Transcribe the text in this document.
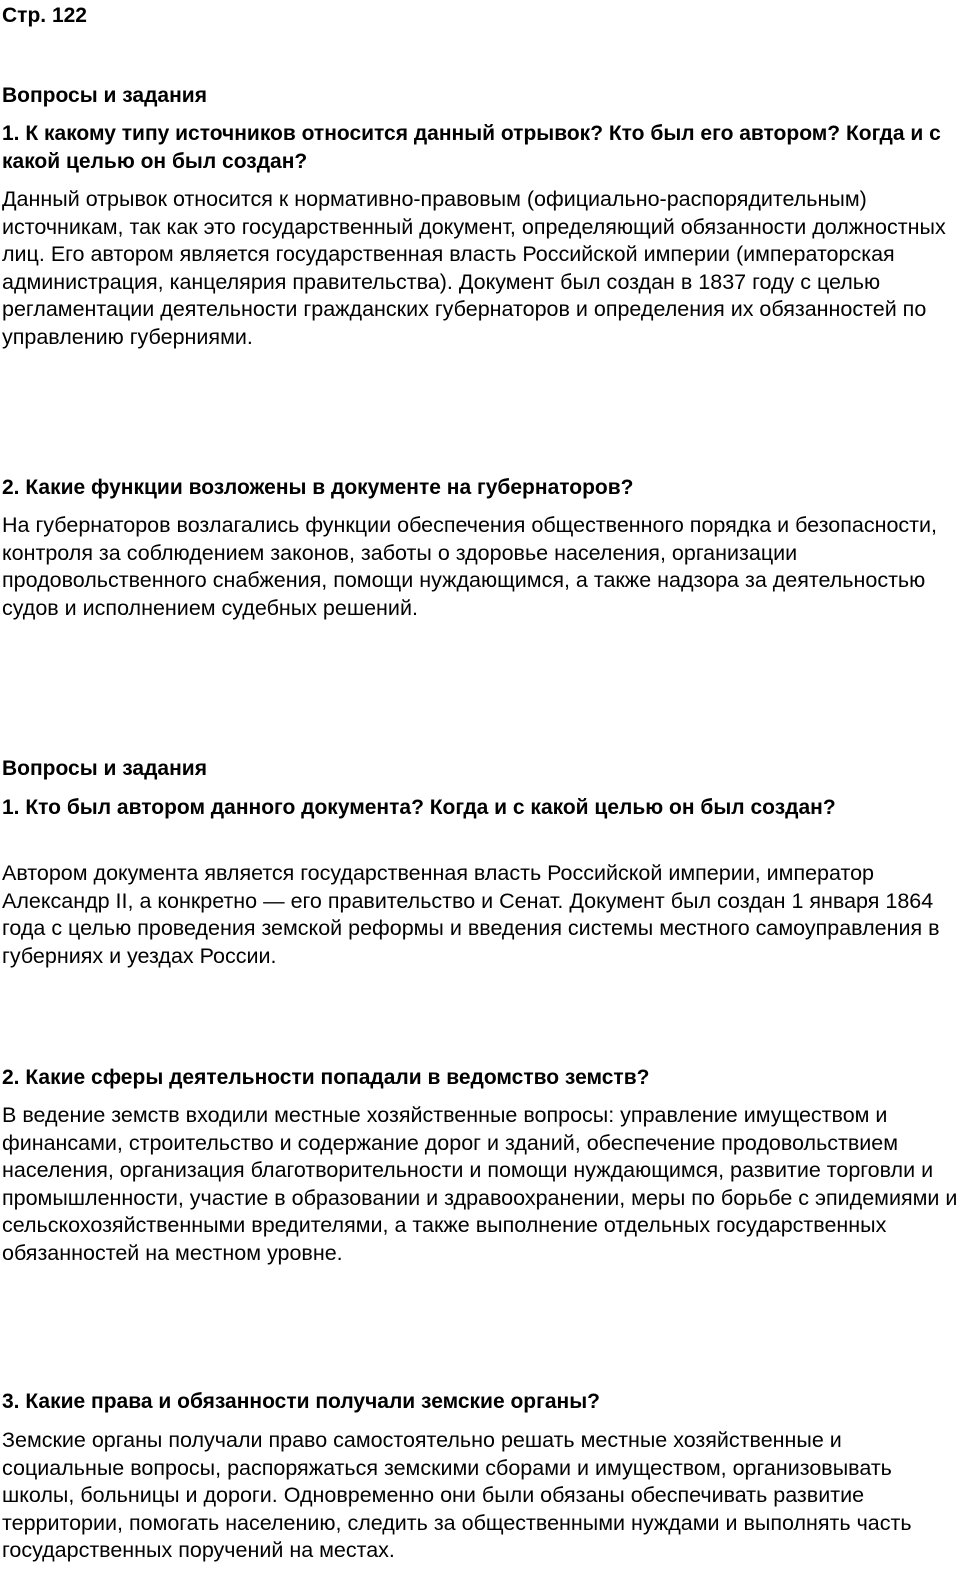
Стр. 122
Вопросы и задания
1. К какому типу источников относится данный отрывок? Кто был его автором? Когда и с какой целью он был создан?
Данный отрывок относится к нормативно-правовым (официально-распорядительным) источникам, так как это государственный документ, определяющий обязанности должностных лиц. Его автором является государственная власть Российской империи (императорская администрация, канцелярия правительства). Документ был создан в 1837 году с целью регламентации деятельности гражданских губернаторов и определения их обязанностей по управлению губерниями.
2. Какие функции возложены в документе на губернаторов?
На губернаторов возлагались функции обеспечения общественного порядка и безопасности, контроля за соблюдением законов, заботы о здоровье населения, организации продовольственного снабжения, помощи нуждающимся, а также надзора за деятельностью судов и исполнением судебных решений.
Вопросы и задания
1. Кто был автором данного документа? Когда и с какой целью он был создан?
Автором документа является государственная власть Российской империи, император Александр II, а конкретно — его правительство и Сенат. Документ был создан 1 января 1864 года с целью проведения земской реформы и введения системы местного самоуправления в губерниях и уездах России.
2. Какие сферы деятельности попадали в ведомство земств?
В ведение земств входили местные хозяйственные вопросы: управление имуществом и финансами, строительство и содержание дорог и зданий, обеспечение продовольствием населения, организация благотворительности и помощи нуждающимся, развитие торговли и промышленности, участие в образовании и здравоохранении, меры по борьбе с эпидемиями и сельскохозяйственными вредителями, а также выполнение отдельных государственных обязанностей на местном уровне.
3. Какие права и обязанности получали земские органы?
Земские органы получали право самостоятельно решать местные хозяйственные и социальные вопросы, распоряжаться земскими сборами и имуществом, организовывать школы, больницы и дороги. Одновременно они были обязаны обеспечивать развитие территории, помогать населению, следить за общественными нуждами и выполнять часть государственных поручений на местах.
